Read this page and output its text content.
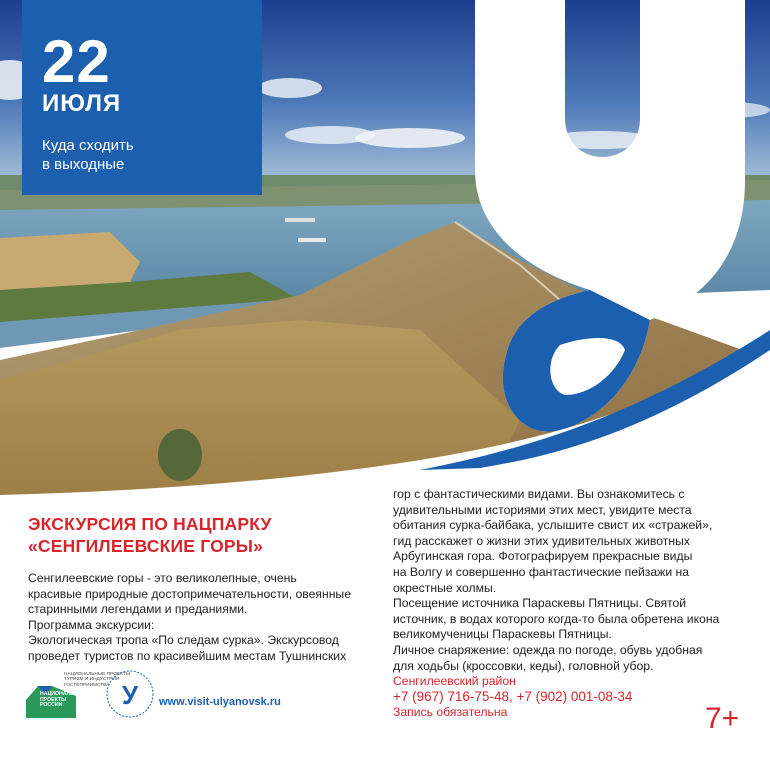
22
ИЮЛЯ
Куда сходить
в выходные
ЭКСКУРСИЯ ПО НАЦПАРКУ
«СЕНГИЛЕЕВСКИЕ ГОРЫ»
Сенгилеевские горы - это великолепные, очень
красивые природные достопримечательности, овеянные
старинными легендами и преданиями.
Программа экскурсии:
Экологическая тропа «По следам сурка». Экскурсовод
проведет туристов по красивейшим местам Тушнинских
гор с фантастическими видами. Вы ознакомитесь с
удивительными историями этих мест, увидите места
обитания сурка-байбака, услышите свист их «стражей»,
гид расскажет о жизни этих удивительных животных
Арбугинская гора. Фотографируем прекрасные виды
на Волгу и совершенно фантастические пейзажи на
окрестные холмы.
Посещение источника Параскевы Пятницы. Святой
источник, в водах которого когда-то была обретена икона
великомученицы Параскевы Пятницы.
Личное снаряжение: одежда по погоде, обувь удобная
для ходьбы (кроссовки, кеды), головной убор.
Сенгилеевский район
+7 (967) 716-75-48, +7 (902) 001-08-34
Запись обязательна	7+
НАЦИОНАЛЬНЫЕ ПРОЕКТЫ
ТУРИЗМ И ИНДУСТРИЯ
ГОСТЕПРИИМСТВА
НАЦИОНАЛЬНЫЕ
ПРОЕКТЫ
РОССИИ	У www.visit-ulyanovsk.ru
